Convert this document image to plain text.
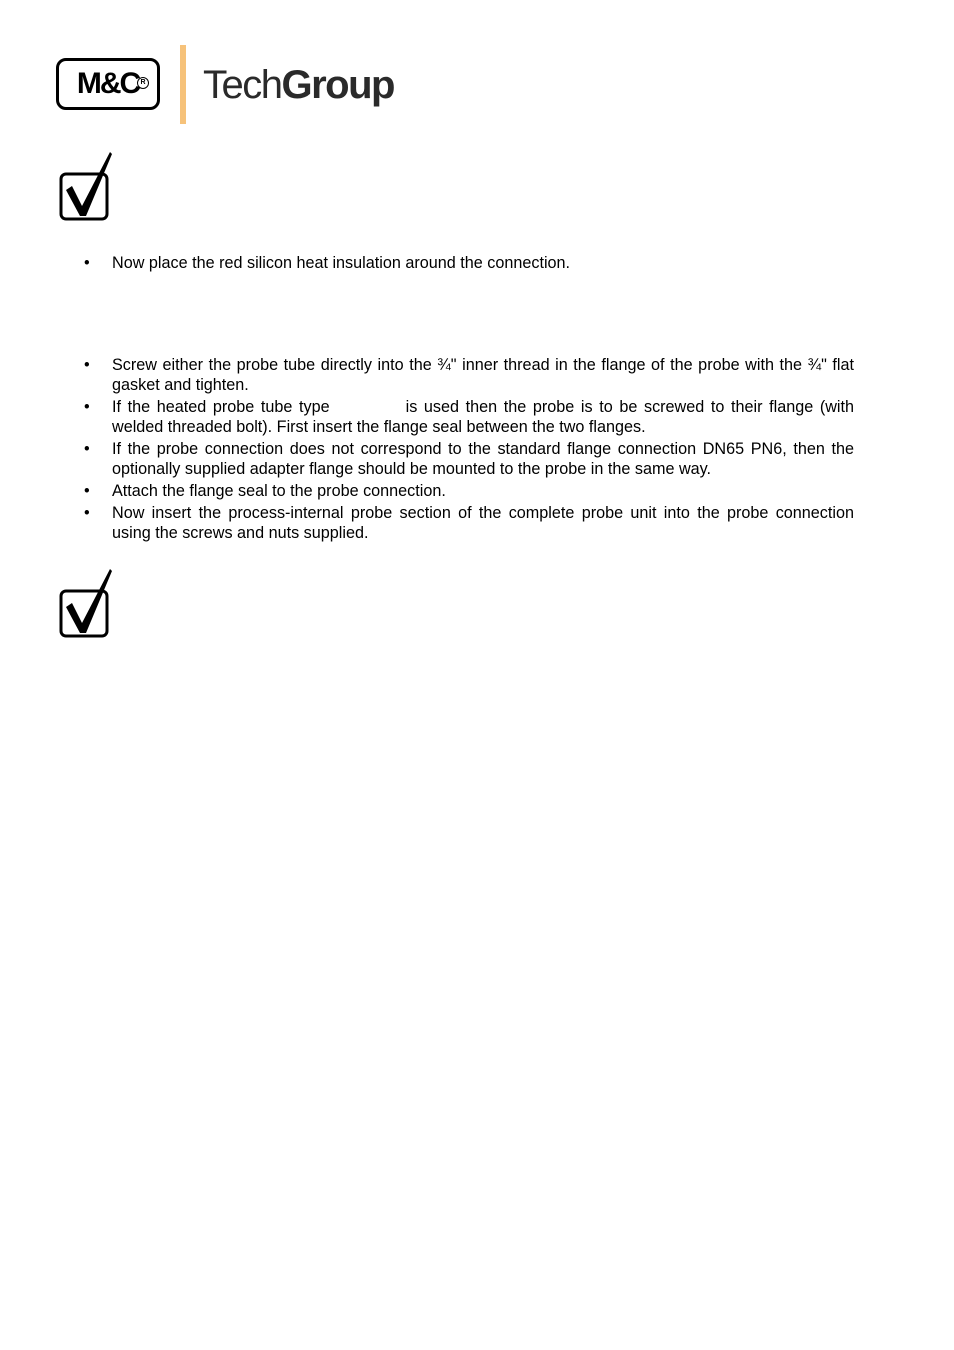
M&C R TechGroup
• Now place the red silicon heat insulation around the connection.
• Screw either the probe tube directly into the ¾" inner thread in the flange of the probe with the ¾" flat gasket and tighten.
• If the heated probe tube type	is used then the probe is to be screwed to their flange (with welded threaded bolt). First insert the flange seal between the two flanges.
• If the probe connection does not correspond to the standard flange connection DN65 PN6, then the optionally supplied adapter flange should be mounted to the probe in the same way.
• Attach the flange seal to the probe connection.
• Now insert the process-internal probe section of the complete probe unit into the probe connection using the screws and nuts supplied.
